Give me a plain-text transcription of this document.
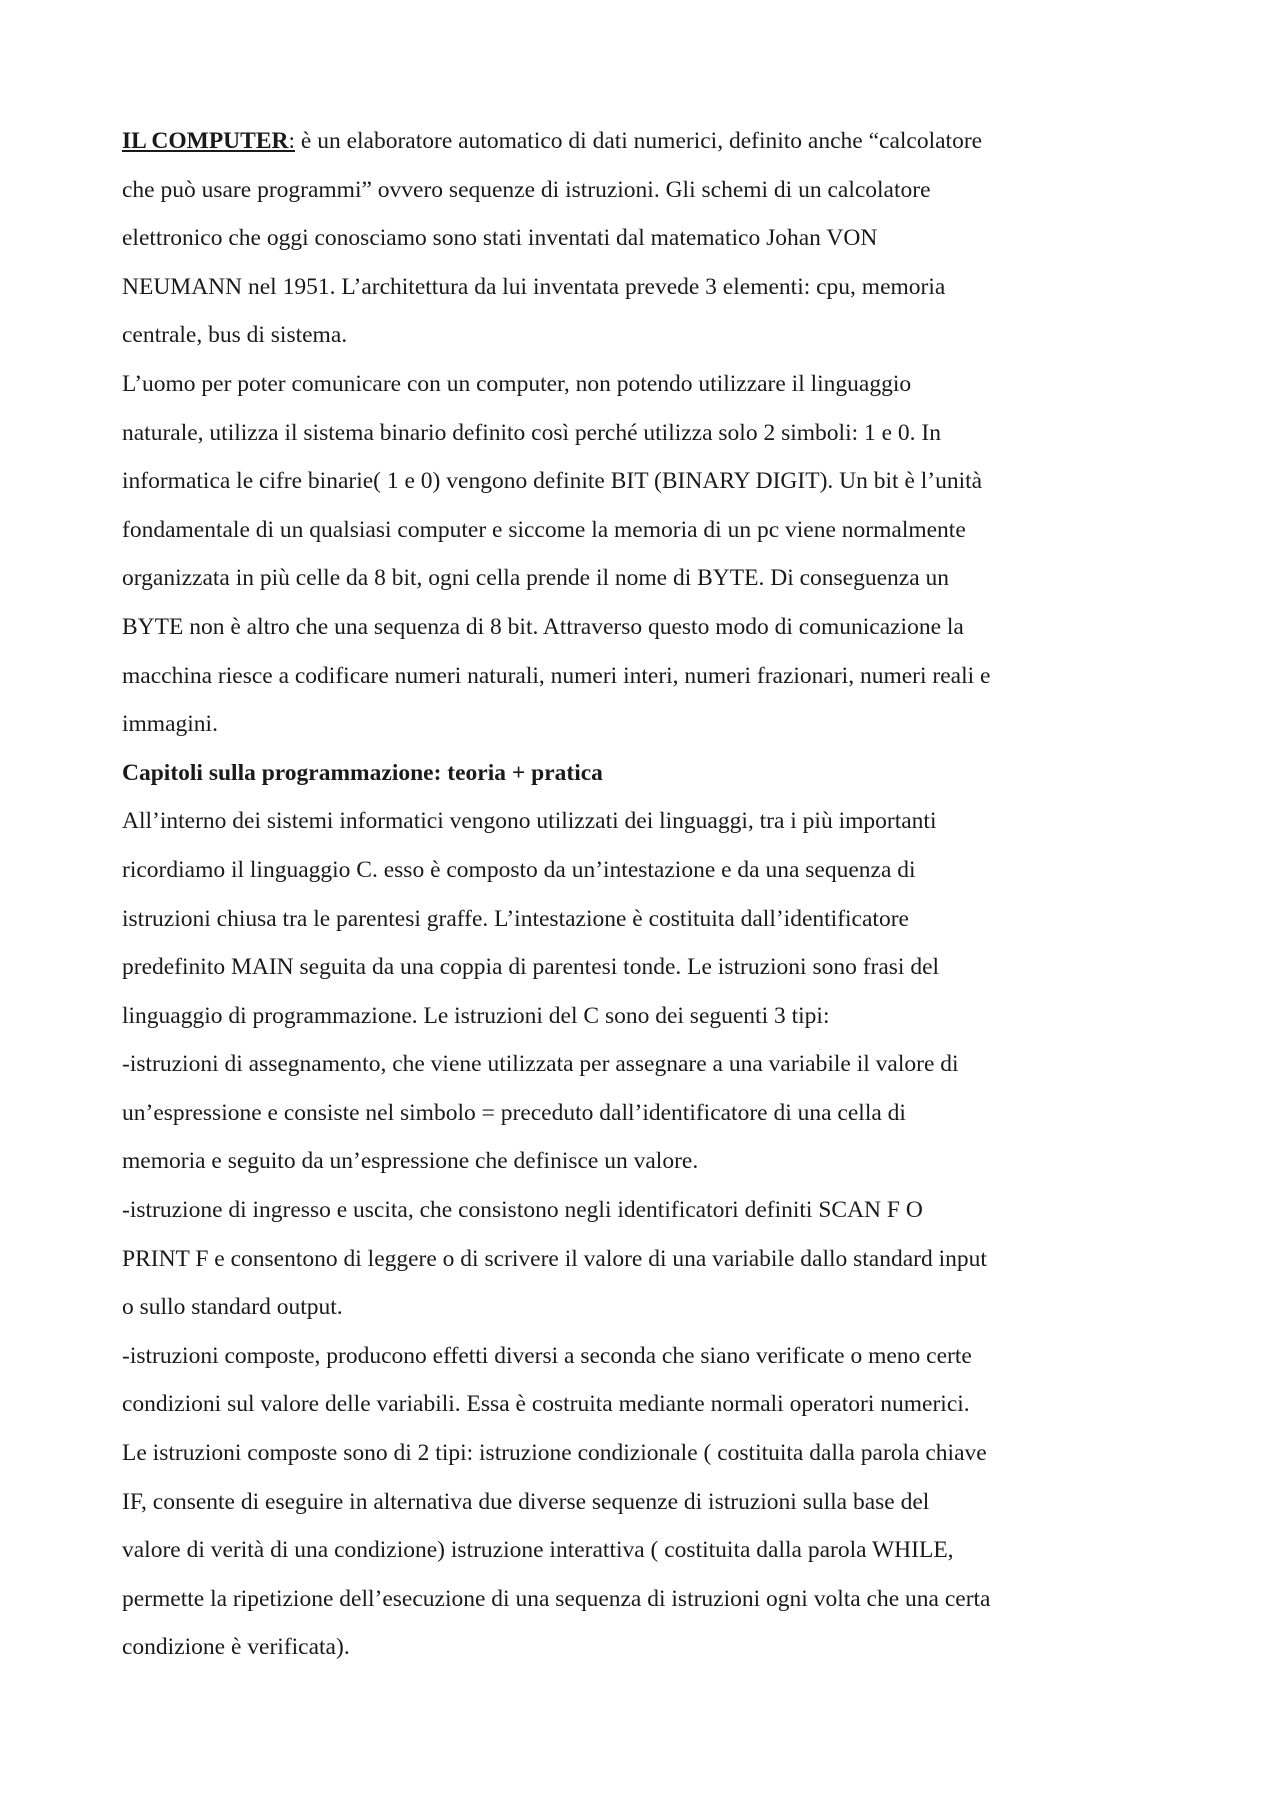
IL COMPUTER: è un elaboratore automatico di dati numerici, definito anche “calcolatore
che può usare programmi” ovvero sequenze di istruzioni. Gli schemi di un calcolatore
elettronico che oggi conosciamo sono stati inventati dal matematico Johan VON
NEUMANN nel 1951. L’architettura da lui inventata prevede 3 elementi: cpu, memoria
centrale, bus di sistema.
L’uomo per poter comunicare con un computer, non potendo utilizzare il linguaggio
naturale, utilizza il sistema binario definito così perché utilizza solo 2 simboli: 1 e 0. In
informatica le cifre binarie( 1 e 0) vengono definite BIT (BINARY DIGIT). Un bit è l’unità
fondamentale di un qualsiasi computer e siccome la memoria di un pc viene normalmente
organizzata in più celle da 8 bit, ogni cella prende il nome di BYTE. Di conseguenza un
BYTE non è altro che una sequenza di 8 bit. Attraverso questo modo di comunicazione la
macchina riesce a codificare numeri naturali, numeri interi, numeri frazionari, numeri reali e
immagini.
Capitoli sulla programmazione: teoria + pratica
All’interno dei sistemi informatici vengono utilizzati dei linguaggi, tra i più importanti
ricordiamo il linguaggio C. esso è composto da un’intestazione e da una sequenza di
istruzioni chiusa tra le parentesi graffe. L’intestazione è costituita dall’identificatore
predefinito MAIN seguita da una coppia di parentesi tonde. Le istruzioni sono frasi del
linguaggio di programmazione. Le istruzioni del C sono dei seguenti 3 tipi:
-istruzioni di assegnamento, che viene utilizzata per assegnare a una variabile il valore di
un’espressione e consiste nel simbolo = preceduto dall’identificatore di una cella di
memoria e seguito da un’espressione che definisce un valore.
-istruzione di ingresso e uscita, che consistono negli identificatori definiti SCAN F O
PRINT F e consentono di leggere o di scrivere il valore di una variabile dallo standard input
o sullo standard output.
-istruzioni composte, producono effetti diversi a seconda che siano verificate o meno certe
condizioni sul valore delle variabili. Essa è costruita mediante normali operatori numerici.
Le istruzioni composte sono di 2 tipi: istruzione condizionale ( costituita dalla parola chiave
IF, consente di eseguire in alternativa due diverse sequenze di istruzioni sulla base del
valore di verità di una condizione) istruzione interattiva ( costituita dalla parola WHILE,
permette la ripetizione dell’esecuzione di una sequenza di istruzioni ogni volta che una certa
condizione è verificata).
